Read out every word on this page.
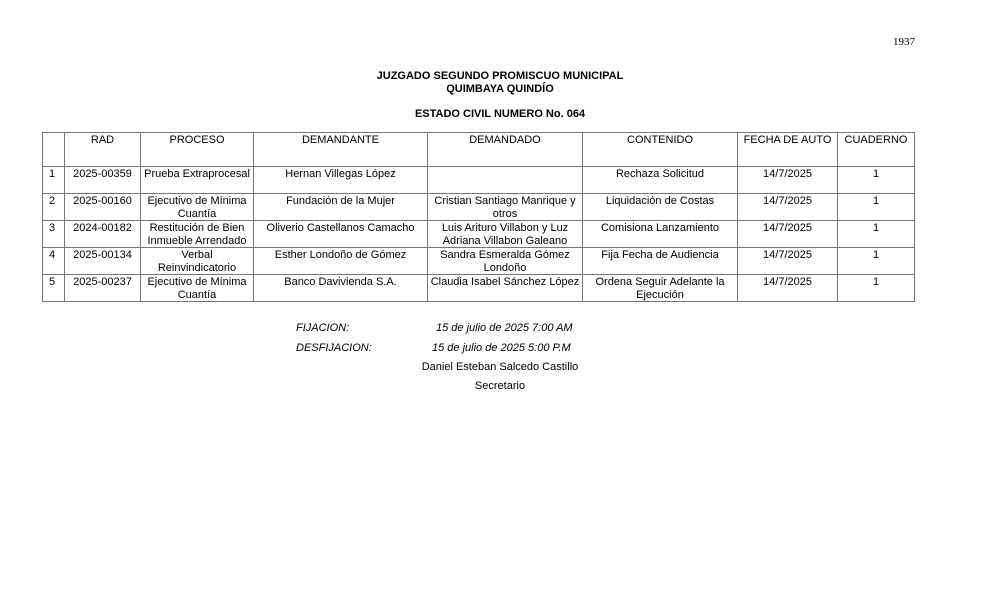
1937
JUZGADO SEGUNDO PROMISCUO MUNICIPAL
QUIMBAYA QUINDÍO
ESTADO CIVIL NUMERO No. 064
	RAD	PROCESO	DEMANDANTE	DEMANDADO	CONTENIDO	FECHA DE AUTO	CUADERNO
1	2025-00359	Prueba Extraprocesal	Hernan Villegas López		Rechaza Solicitud	14/7/2025	1
2	2025-00160	Ejecutivo de Mínima Cuantía	Fundación de la Mujer	Cristian Santiago Manrique y otros	Liquidación de Costas	14/7/2025	1
3	2024-00182	Restitución de Bien Inmueble Arrendado	Oliverio Castellanos Camacho	Luis Arituro Villabon y Luz Adriana Villabon Galeano	Comisiona Lanzamiento	14/7/2025	1
4	2025-00134	Verbal Reinvindicatorio	Esther Londoño de Gómez	Sandra Esmeralda Gómez Londoño	Fija Fecha de Audiencia	14/7/2025	1
5	2025-00237	Ejecutivo de Mínima Cuantía	Banco Davivienda S.A.	Claudia Isabel Sánchez López	Ordena Seguir Adelante la Ejecución	14/7/2025	1
FIJACION:	15 de julio de 2025 7:00 AM
DESFIJACION:	15 de julio de 2025 5:00 P.M
Daniel Esteban Salcedo Castillo
Secretario
